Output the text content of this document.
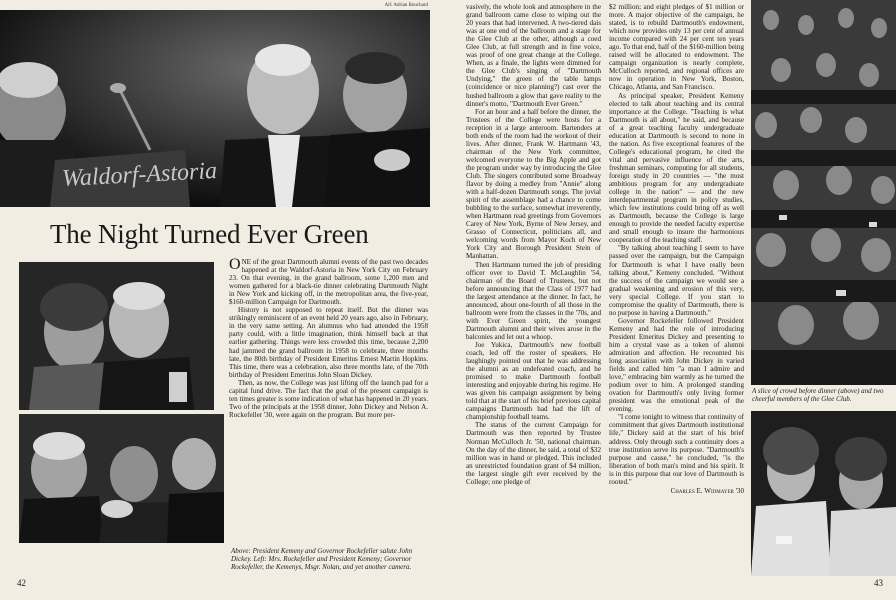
All: Adrian Bouchard
Waldorf-Astoria
The Night Turned Ever Green

ONE of the great Dartmouth alumni events of the past two decades happened at the Waldorf-Astoria in New York City on February 23. On that evening, in the grand ballroom, some 1,200 men and women gathered for a black-tie dinner celebrating Dartmouth Night in New York and kicking off, in the metropolitan area, the five-year, $160-million Campaign for Dartmouth.

History is not supposed to repeat itself. But the dinner was strikingly reminiscent of an event held 20 years ago, also in February, in the very same setting. An alumnus who had attended the 1958 party could, with a little imagination, think himself back at that earlier gathering. Things were less crowded this time, because 2,200 had jammed the grand ballroom in 1958 to celebrate, three months late, the 80th birthday of President Emeritus Ernest Martin Hopkins. This time, there was a celebration, also three months late, of the 70th birthday of President Emeritus John Sloan Dickey.

Then, as now, the College was just lifting off the launch pad for a capital fund drive. The fact that the goal of the present campaign is ten times greater is some indication of what has happened in 20 years. Two of the principals at the 1958 dinner, John Dickey and Nelson A. Rockefeller '30, were again on the program. But more per-

Above: President Kemeny and Governor Rockefeller salute John Dickey. Left: Mrs. Rockefeller and President Kemeny; Governor Rockefeller, the Kemenys, Msgr. Nolan, and yet another camera.
42

vasively, the whole look and atmosphere in the grand ballroom came close to wiping out the 20 years that had intervened. A two-tiered dais was at one end of the ballroom and a stage for the Glee Club at the other, although a coed Glee Club, at full strength and in fine voice, was proof of one great change at the College. When, as a finale, the lights were dimmed for the Glee Club's singing of "Dartmouth Undying," the green of the table lamps (coincidence or nice planning?) cast over the hushed ballroom a glow that gave reality to the dinner's motto, "Dartmouth Ever Green."

For an hour and a half before the dinner, the Trustees of the College were hosts for a reception in a large anteroom. Bartenders at both ends of the room had the workout of their lives. After dinner, Frank W. Hartmann '43, chairman of the New York committee, welcomed everyone to the Big Apple and got the program under way by introducing the Glee Club. The singers contributed some Broadway flavor by doing a medley from "Annie" along with a half-dozen Dartmouth songs. The jovial spirit of the assemblage had a chance to come bubbling to the surface, somewhat irreverently, when Hartmann read greetings from Governors Carey of New York, Byrne of New Jersey, and Grasso of Connecticut, politicians all, and welcoming words from Mayor Koch of New York City and Borough President Stein of Manhattan.

Then Hartmann turned the job of presiding officer over to David T. McLaughlin '54, chairman of the Board of Trustees, but not before announcing that the Class of 1977 had the largest attendance at the dinner. In fact, he announced, about one-fourth of all those in the ballroom were from the classes in the '70s, and with Ever Green spirit, the youngest Dartmouth alumni and their wives arose in the balconies and let out a whoop.

Joe Yukica, Dartmouth's new football coach, led off the roster of speakers. He laughingly pointed out that he was addressing the alumni as an undefeated coach, and he promised to make Dartmouth football interesting and enjoyable during his regime. He was given his campaign assignment by being told that at the start of his brief previous capital campaigns Dartmouth had had the lift of championship football teams.

The status of the current Campaign for Dartmouth was then reported by Trustee Norman McCulloch Jr. '50, national chairman. On the day of the dinner, he said, a total of $32 million was in hand or pledged. This included an unrestricted foundation grant of $4 million, the largest single gift ever received by the College; one pledge of

$2 million; and eight pledges of $1 million or more. A major objective of the campaign, he stated, is to rebuild Dartmouth's endowment, which now provides only 13 per cent of annual income compared with 24 per cent ten years ago. To that end, half of the $160-million being raised will be allocated to endowment. The campaign organization is nearly complete, McCulloch reported, and regional offices are now in operation in New York, Boston, Chicago, Atlanta, and San Francisco.

As principal speaker, President Kemeny elected to talk about teaching and its central importance at the College. "Teaching is what Dartmouth is all about," he said, and because of a great teaching faculty undergraduate education at Dartmouth is second to none in the nation. As five exceptional features of the College's educational program, he cited the vital and pervasive influence of the arts, freshman seminars, computing for all students, foreign study in 20 countries — "the most ambitious program for any undergraduate college in the nation" — and the new interdepartmental program in policy studies, which few institutions could bring off as well as Dartmouth, because the College is large enough to provide the needed faculty expertise and small enough to insure the harmonious cooperation of the teaching staff.

"By talking about teaching I seem to have passed over the campaign, but the Campaign for Dartmouth is what I have really been talking about," Kemeny concluded. "Without the success of the campaign we would see a gradual weakening and erosion of this very, very special College. If you start to compromise the quality of Dartmouth, there is no purpose in having a Dartmouth."

Governor Rockefeller followed President Kemeny and had the role of introducing President Emeritus Dickey and presenting to him a crystal vase as a token of alumni admiration and affection. He recounted his long association with John Dickey in varied fields and called him "a man I admire and love," embracing him warmly as he turned the podium over to him. A prolonged standing ovation for Dartmouth's only living former president was the emotional peak of the evening.

"I come tonight to witness that continuity of commitment that gives Dartmouth institutional life," Dickey said at the start of his brief address. Only through such a continuity does a true institution serve its purpose. "Dartmouth's purpose and cause," he concluded, "is the liberation of both man's mind and his spirit. It is in this purpose that our love of Dartmouth is rooted."

Charles E. Widmayer '30

A slice of crowd before dinner (above) and two cheerful members of the Glee Club.
43
